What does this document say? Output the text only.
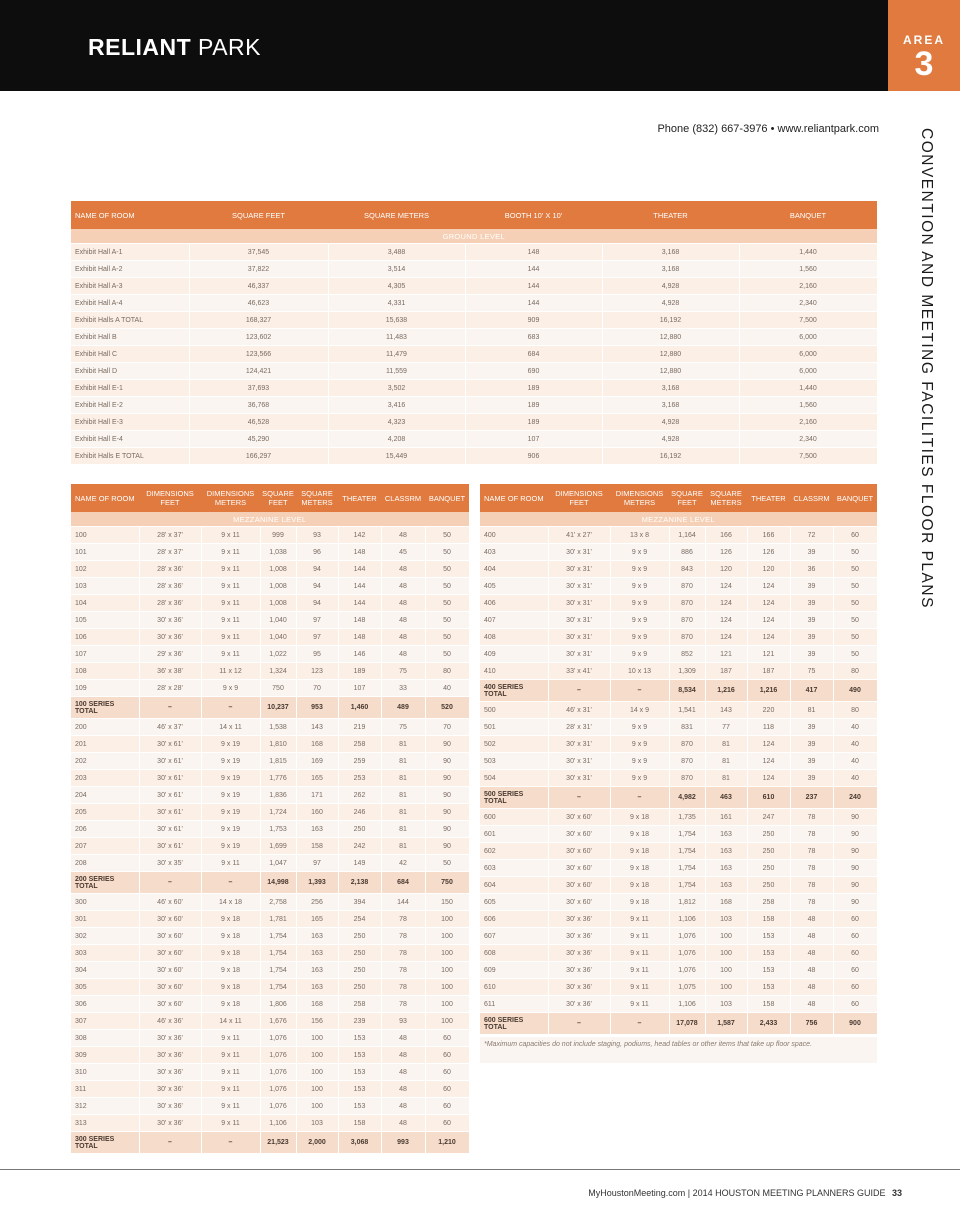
RELIANT PARK	AREA
3
CONVENTION AND MEETING FACILITIES FLOOR PLANS
Phone (832) 667-3976 • www.reliantpark.com
NAME OF ROOM	SQUARE FEET	SQUARE METERS	BOOTH 10' X 10'	THEATER	BANQUET
GROUND LEVEL					
Exhibit Hall A-1	37,545	3,488	148	3,168	1,440
Exhibit Hall A-2	37,822	3,514	144	3,168	1,560
Exhibit Hall A-3	46,337	4,305	144	4,928	2,160
Exhibit Hall A-4	46,623	4,331	144	4,928	2,340
Exhibit Halls A TOTAL	168,327	15,638	909	16,192	7,500
Exhibit Hall B	123,602	11,483	683	12,880	6,000
Exhibit Hall C	123,566	11,479	684	12,880	6,000
Exhibit Hall D	124,421	11,559	690	12,880	6,000
Exhibit Hall E-1	37,693	3,502	189	3,168	1,440
Exhibit Hall E-2	36,768	3,416	189	3,168	1,560
Exhibit Hall E-3	46,528	4,323	189	4,928	2,160
Exhibit Hall E-4	45,290	4,208	107	4,928	2,340
Exhibit Halls E TOTAL	166,297	15,449	906	16,192	7,500
NAME OF ROOM	DIMENSIONS FEET	DIMENSIONS METERS	SQUARE FEET	SQUARE METERS	THEATER	CLASSRM	BANQUET
MEZZANINE LEVEL							
100	28' x 37'	9 x 11	999	93	142	48	50
101	28' x 37'	9 x 11	1,038	96	148	45	50
102	28' x 36'	9 x 11	1,008	94	144	48	50
103	28' x 36'	9 x 11	1,008	94	144	48	50
104	28' x 36'	9 x 11	1,008	94	144	48	50
105	30' x 36'	9 x 11	1,040	97	148	48	50
106	30' x 36'	9 x 11	1,040	97	148	48	50
107	29' x 36'	9 x 11	1,022	95	146	48	50
108	36' x 38'	11 x 12	1,324	123	189	75	80
109	28' x 28'	9 x 9	750	70	107	33	40
100 SERIES TOTAL	–	–	10,237	953	1,460	489	520
200	46' x 37'	14 x 11	1,538	143	219	75	70
201	30' x 61'	9 x 19	1,810	168	258	81	90
202	30' x 61'	9 x 19	1,815	169	259	81	90
203	30' x 61'	9 x 19	1,776	165	253	81	90
204	30' x 61'	9 x 19	1,836	171	262	81	90
205	30' x 61'	9 x 19	1,724	160	246	81	90
206	30' x 61'	9 x 19	1,753	163	250	81	90
207	30' x 61'	9 x 19	1,699	158	242	81	90
208	30' x 35'	9 x 11	1,047	97	149	42	50
200 SERIES TOTAL	–	–	14,998	1,393	2,138	684	750
300	46' x 60'	14 x 18	2,758	256	394	144	150
301	30' x 60'	9 x 18	1,781	165	254	78	100
302	30' x 60'	9 x 18	1,754	163	250	78	100
303	30' x 60'	9 x 18	1,754	163	250	78	100
304	30' x 60'	9 x 18	1,754	163	250	78	100
305	30' x 60'	9 x 18	1,754	163	250	78	100
306	30' x 60'	9 x 18	1,806	168	258	78	100
307	46' x 36'	14 x 11	1,676	156	239	93	100
308	30' x 36'	9 x 11	1,076	100	153	48	60
309	30' x 36'	9 x 11	1,076	100	153	48	60
310	30' x 36'	9 x 11	1,076	100	153	48	60
311	30' x 36'	9 x 11	1,076	100	153	48	60
312	30' x 36'	9 x 11	1,076	100	153	48	60
313	30' x 36'	9 x 11	1,106	103	158	48	60
300 SERIES TOTAL	–	–	21,523	2,000	3,068	993	1,210
NAME OF ROOM	DIMENSIONS FEET	DIMENSIONS METERS	SQUARE FEET	SQUARE METERS	THEATER	CLASSRM	BANQUET
MEZZANINE LEVEL							
400	41' x 27'	13 x 8	1,164	166	166	72	60
403	30' x 31'	9 x 9	886	126	126	39	50
404	30' x 31'	9 x 9	843	120	120	36	50
405	30' x 31'	9 x 9	870	124	124	39	50
406	30' x 31'	9 x 9	870	124	124	39	50
407	30' x 31'	9 x 9	870	124	124	39	50
408	30' x 31'	9 x 9	870	124	124	39	50
409	30' x 31'	9 x 9	852	121	121	39	50
410	33' x 41'	10 x 13	1,309	187	187	75	80
400 SERIES TOTAL	–	–	8,534	1,216	1,216	417	490
500	46' x 31'	14 x 9	1,541	143	220	81	80
501	28' x 31'	9 x 9	831	77	118	39	40
502	30' x 31'	9 x 9	870	81	124	39	40
503	30' x 31'	9 x 9	870	81	124	39	40
504	30' x 31'	9 x 9	870	81	124	39	40
500 SERIES TOTAL	–	–	4,982	463	610	237	240
600	30' x 60'	9 x 18	1,735	161	247	78	90
601	30' x 60'	9 x 18	1,754	163	250	78	90
602	30' x 60'	9 x 18	1,754	163	250	78	90
603	30' x 60'	9 x 18	1,754	163	250	78	90
604	30' x 60'	9 x 18	1,754	163	250	78	90
605	30' x 60'	9 x 18	1,812	168	258	78	90
606	30' x 36'	9 x 11	1,106	103	158	48	60
607	30' x 36'	9 x 11	1,076	100	153	48	60
608	30' x 36'	9 x 11	1,076	100	153	48	60
609	30' x 36'	9 x 11	1,076	100	153	48	60
610	30' x 36'	9 x 11	1,075	100	153	48	60
611	30' x 36'	9 x 11	1,106	103	158	48	60
600 SERIES TOTAL	–	–	17,078	1,587	2,433	756	900
*Maximum capacities do not include staging, podiums, head tables or other items that take up floor space.
MyHoustonMeeting.com | 2014 HOUSTON MEETING PLANNERS GUIDE 33
